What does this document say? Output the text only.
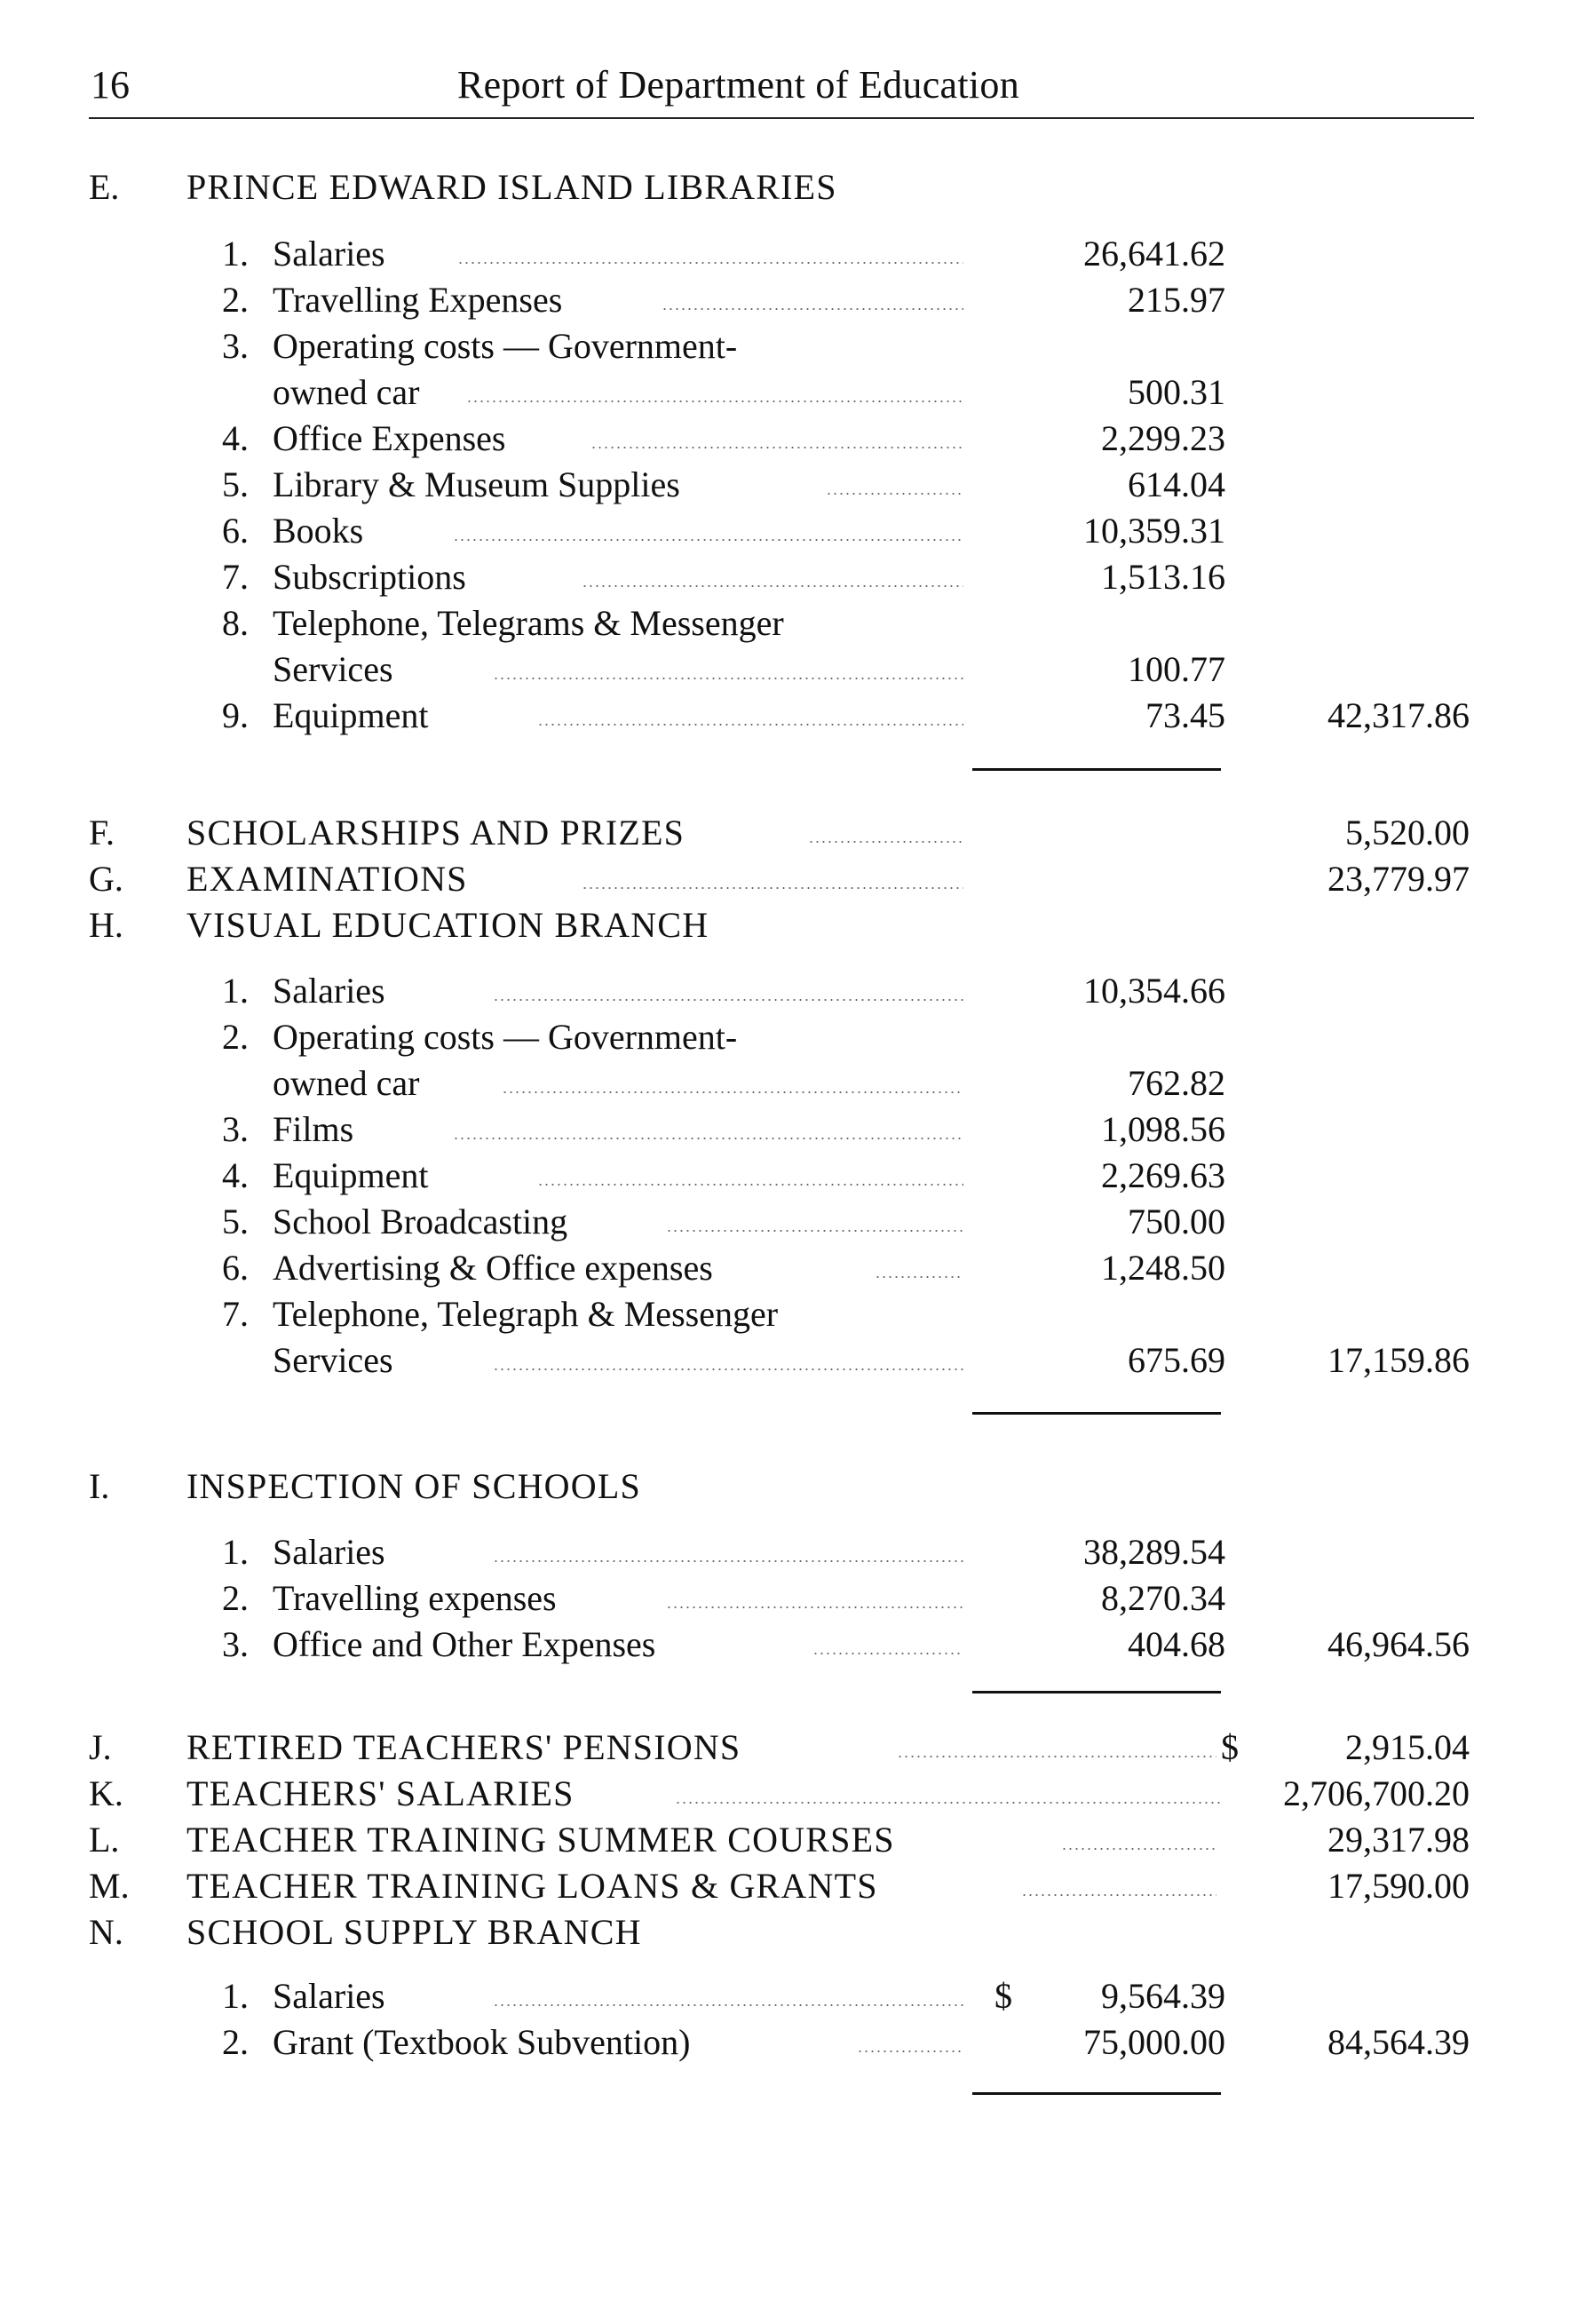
16	Report of Department of Education
E. PRINCE EDWARD ISLAND LIBRARIES
1. Salaries	26,641.62
2. Travelling Expenses	215.97
3. Operating costs — Government-
owned car	500.31
4. Office Expenses	2,299.23
5. Library & Museum Supplies	614.04
6. Books	10,359.31
7. Subscriptions	1,513.16
8. Telephone, Telegrams & Messenger
Services	100.77
9. Equipment	73.45	42,317.86
F. SCHOLARSHIPS AND PRIZES	5,520.00
G. EXAMINATIONS	23,779.97
H. VISUAL EDUCATION BRANCH
1. Salaries	10,354.66
2. Operating costs — Government-
owned car	762.82
3. Films	1,098.56
4. Equipment	2,269.63
5. School Broadcasting	750.00
6. Advertising & Office expenses	1,248.50
7. Telephone, Telegraph & Messenger
Services	675.69	17,159.86
I. INSPECTION OF SCHOOLS
1. Salaries	38,289.54
2. Travelling expenses	8,270.34
3. Office and Other Expenses	404.68	46,964.56
J. RETIRED TEACHERS' PENSIONS	$	2,915.04
K. TEACHERS' SALARIES	2,706,700.20
L. TEACHER TRAINING SUMMER COURSES	29,317.98
M. TEACHER TRAINING LOANS & GRANTS	17,590.00
N. SCHOOL SUPPLY BRANCH
1. Salaries	$	9,564.39
2. Grant (Textbook Subvention)	75,000.00	84,564.39
